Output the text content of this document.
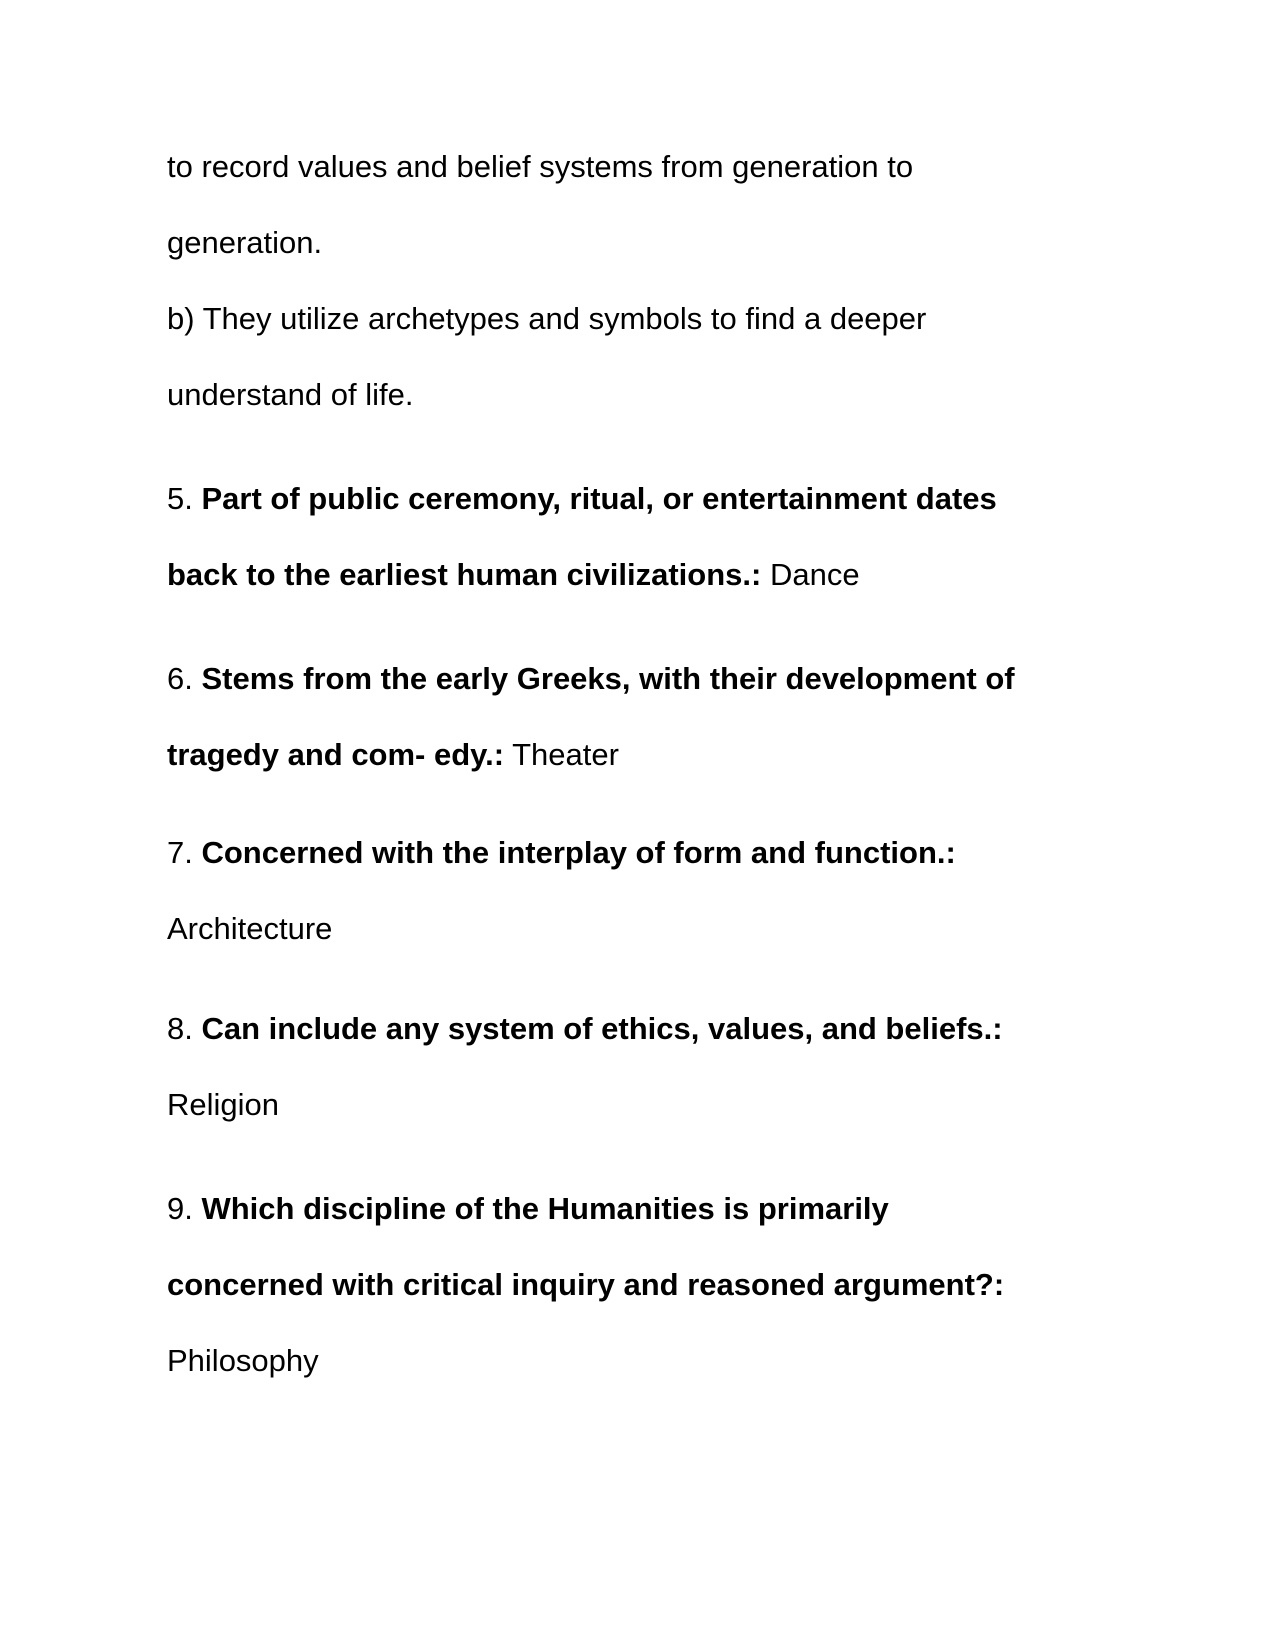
to record values and belief systems from generation to
generation.
b) They utilize archetypes and symbols to find a deeper
understand of life.
5. Part of public ceremony, ritual, or entertainment dates
back to the earliest human civilizations.: Dance
6. Stems from the early Greeks, with their development of
tragedy and com- edy.: Theater
7. Concerned with the interplay of form and function.:
Architecture
8. Can include any system of ethics, values, and beliefs.:
Religion
9. Which discipline of the Humanities is primarily
concerned with critical inquiry and reasoned argument?:
Philosophy
